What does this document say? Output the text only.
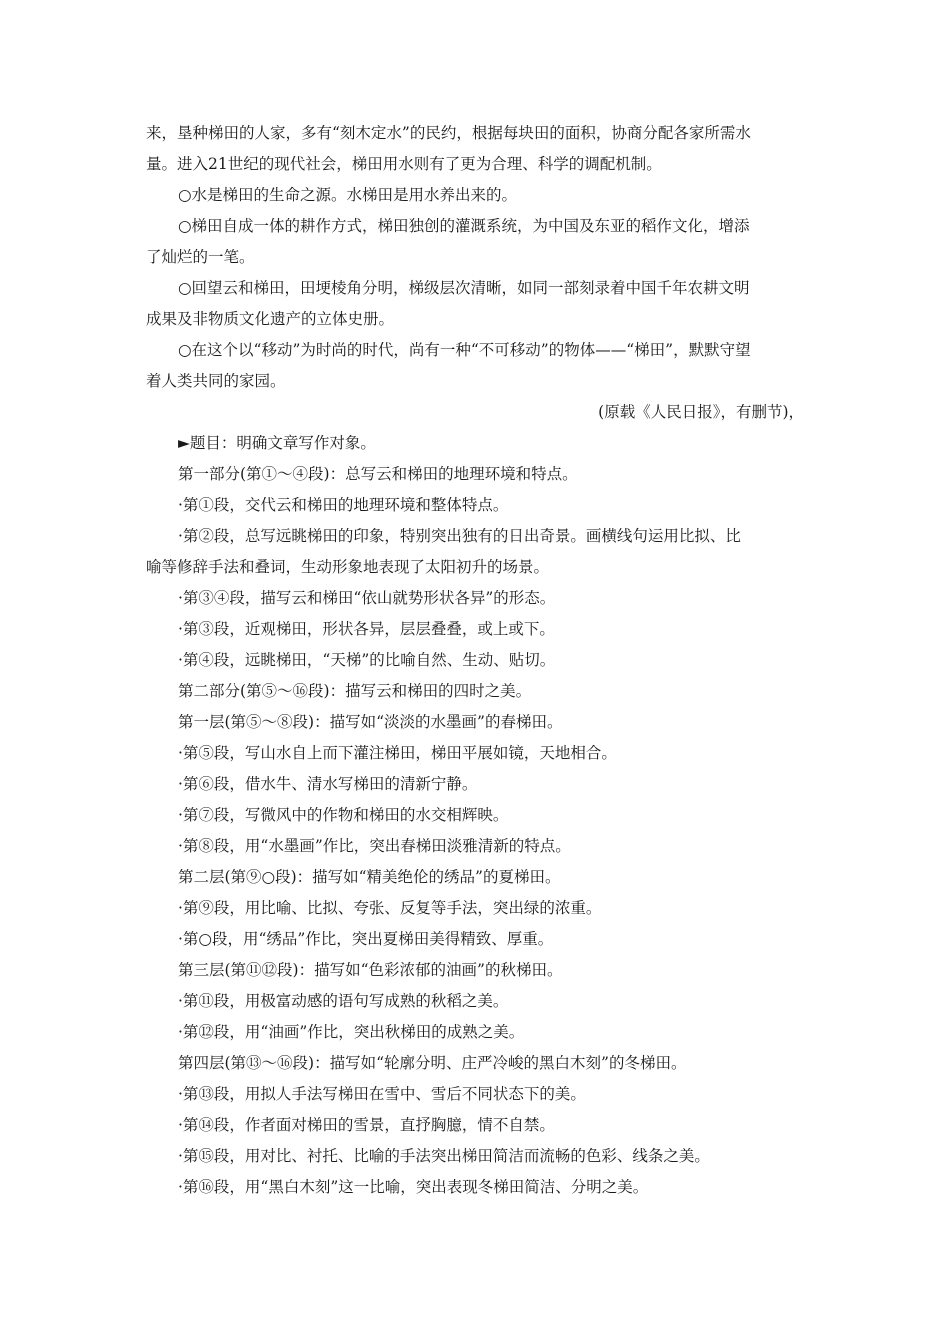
来，垦种梯田的人家，多有“刻木定水”的民约，根据每块田的面积，协商分配各家所需水

量。进入21世纪的现代社会，梯田用水则有了更为合理、科学的调配机制。

○水是梯田的生命之源。水梯田是用水养出来的。

○梯田自成一体的耕作方式，梯田独创的灌溉系统，为中国及东亚的稻作文化，增添

了灿烂的一笔。

○回望云和梯田，田埂棱角分明，梯级层次清晰，如同一部刻录着中国千年农耕文明

成果及非物质文化遗产的立体史册。

○在这个以“移动”为时尚的时代，尚有一种“不可移动”的物体——“梯田”，默默守望

着人类共同的家园。

(原载《人民日报》，有删节)，

►题目：明确文章写作对象。

第一部分(第①～④段)：总写云和梯田的地理环境和特点。

·第①段，交代云和梯田的地理环境和整体特点。

·第②段，总写远眺梯田的印象，特别突出独有的日出奇景。画横线句运用比拟、比

喻等修辞手法和叠词，生动形象地表现了太阳初升的场景。

·第③④段，描写云和梯田“依山就势形状各异”的形态。

·第③段，近观梯田，形状各异，层层叠叠，或上或下。

·第④段，远眺梯田，“天梯”的比喻自然、生动、贴切。

第二部分(第⑤～⑯段)：描写云和梯田的四时之美。

第一层(第⑤～⑧段)：描写如“淡淡的水墨画”的春梯田。

·第⑤段，写山水自上而下灌注梯田，梯田平展如镜，天地相合。

·第⑥段，借水牛、清水写梯田的清新宁静。

·第⑦段，写微风中的作物和梯田的水交相辉映。

·第⑧段，用“水墨画”作比，突出春梯田淡雅清新的特点。

第二层(第⑨○段)：描写如“精美绝伦的绣品”的夏梯田。

·第⑨段，用比喻、比拟、夸张、反复等手法，突出绿的浓重。

·第○段，用“绣品”作比，突出夏梯田美得精致、厚重。

第三层(第⑪⑫段)：描写如“色彩浓郁的油画”的秋梯田。

·第⑪段，用极富动感的语句写成熟的秋稻之美。

·第⑫段，用“油画”作比，突出秋梯田的成熟之美。

第四层(第⑬～⑯段)：描写如“轮廓分明、庄严冷峻的黑白木刻”的冬梯田。

·第⑬段，用拟人手法写梯田在雪中、雪后不同状态下的美。

·第⑭段，作者面对梯田的雪景，直抒胸臆，情不自禁。

·第⑮段，用对比、衬托、比喻的手法突出梯田简洁而流畅的色彩、线条之美。

·第⑯段，用“黑白木刻”这一比喻，突出表现冬梯田简洁、分明之美。
